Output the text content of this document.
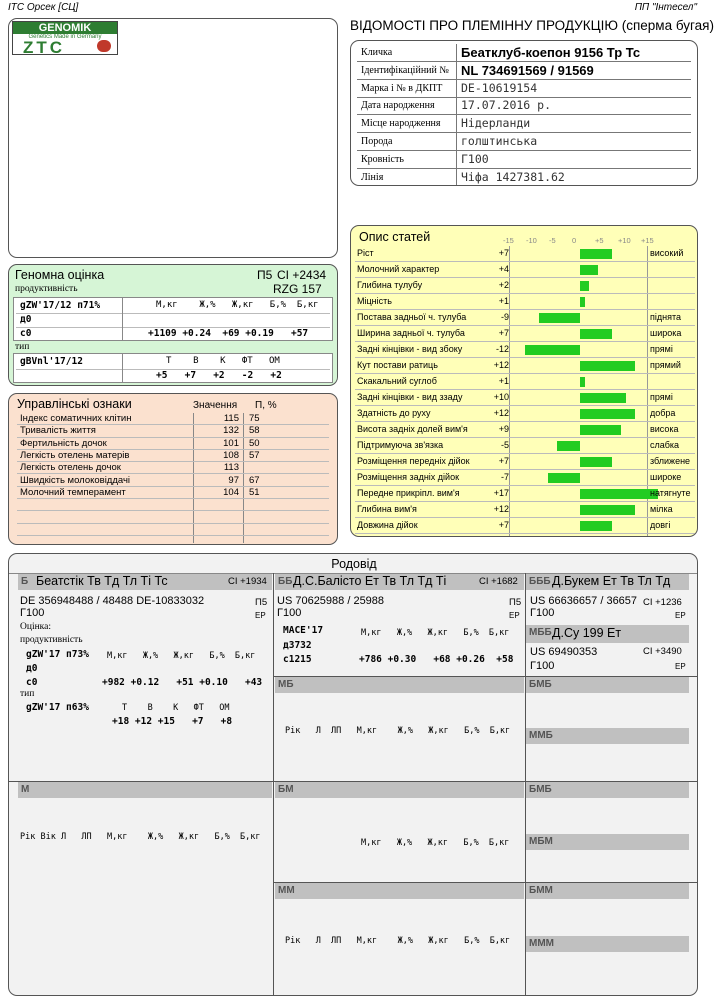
ІТС Орсек [СЦ]	ПП "Інтесел"
GENOMIK
Genetics Made in Germany
ZTC
ВІДОМОСТІ ПРО ПЛЕМІННУ ПРОДУКЦІЮ (сперма бугая)
Кличка	Беатклуб-коепон 9156 Тр Тс
Ідентифікаційний № NL 734691569 / 91569
Марка і № в ДКПТ DE-10619154
Дата народження 17.07.2016 р.
Місце народження Нідерланди
Порода	голштинська
Кровність	Г100
Лінія	Чіфа 1427381.62
Геномна оцінка	П5 CI +2434
продуктивність	RZG 157
gZW'17/12 п71%	М,кг    Ж,%   Ж,кг   Б,%  Б,кг
д0
с0	+1109 +0.24  +69 +0.19   +57
тип
gBVnl'17/12	Т    В    К   ФТ   ОМ
+5   +7   +2   -2   +2
Управлінські ознаки	Значення П, %
Індекс соматичних клітин	115 75
Тривалість життя	132 58
Фертильність дочок	101 50
Легкість отелень матерів	108 57
Легкість отелень дочок	113
Швидкість молоковіддачі	97 67
Молочний темперамент	104 51
Опис статей	-15 -10 -5 0	+5 +10 +15
Ріст	+7	високий
Молочний характер	+4
Глибина тулубу	+2
Міцність	+1
Постава задньої ч. тулуба	-9	піднята
Ширина задньої ч. тулуба	+7	широка
Задні кінцівки - вид збоку	-12	прямі
Кут постави ратиць	+12	прямий
Скакальний суглоб	+1
Задні кінцівки - вид ззаду	+10	прямі
Здатність до руху	+12	добра
Висота задніх долей вим'я	+9	висока
Підтримуюча зв'язка	-5	слабка
Розміщення передніх дійок	+7	зближене
Розміщення задніх дійок	-7	широке
Передне прикріпл. вим'я	+17	натягнуте
Глибина вим'я	+12	мілка
Довжина дійок	+7	довгі
Родовід
Б Беатстік Тв Тд Тл Ті Тс	CI +1934
DE 356948488 / 48488 DE-10833032	П5
Г100	ЕР
Оцінка:
продуктивність
gZW'17 п73% М,кг   Ж,%   Ж,кг   Б,%  Б,кг
д0
с0	+982 +0.12   +51 +0.10   +43
тип
gZW'17 п63%	Т    В    К   ФТ   ОМ
+18 +12 +15   +7   +8
ББ Д.С.Балісто Ет Тв Тл Тд Ті	CI +1682
US 70625988 / 25988	П5
Г100	ЕР
MACE'17	М,кг   Ж,%   Ж,кг   Б,%  Б,кг
д3732
с1215	+786 +0.30   +68 +0.26  +58
БББ Д.Букем Ет Тв Тл Тд
US 66636657 / 36657 CI +1236
Г100	ЕР
МББ Д.Су 199 Ет
US 69490353	CI +3490
Г100	ЕР
МБ
Рік   Л  ЛП   М,кг    Ж,%   Ж,кг   Б,%  Б,кг
БМБ
ММБ
М
Рік Вік Л   ЛП   М,кг    Ж,%   Ж,кг   Б,%  Б,кг
БМ
М,кг   Ж,%   Ж,кг   Б,%  Б,кг
БМБ
МБМ
ММ
Рік   Л  ЛП   М,кг    Ж,%   Ж,кг   Б,%  Б,кг
БММ
МММ
